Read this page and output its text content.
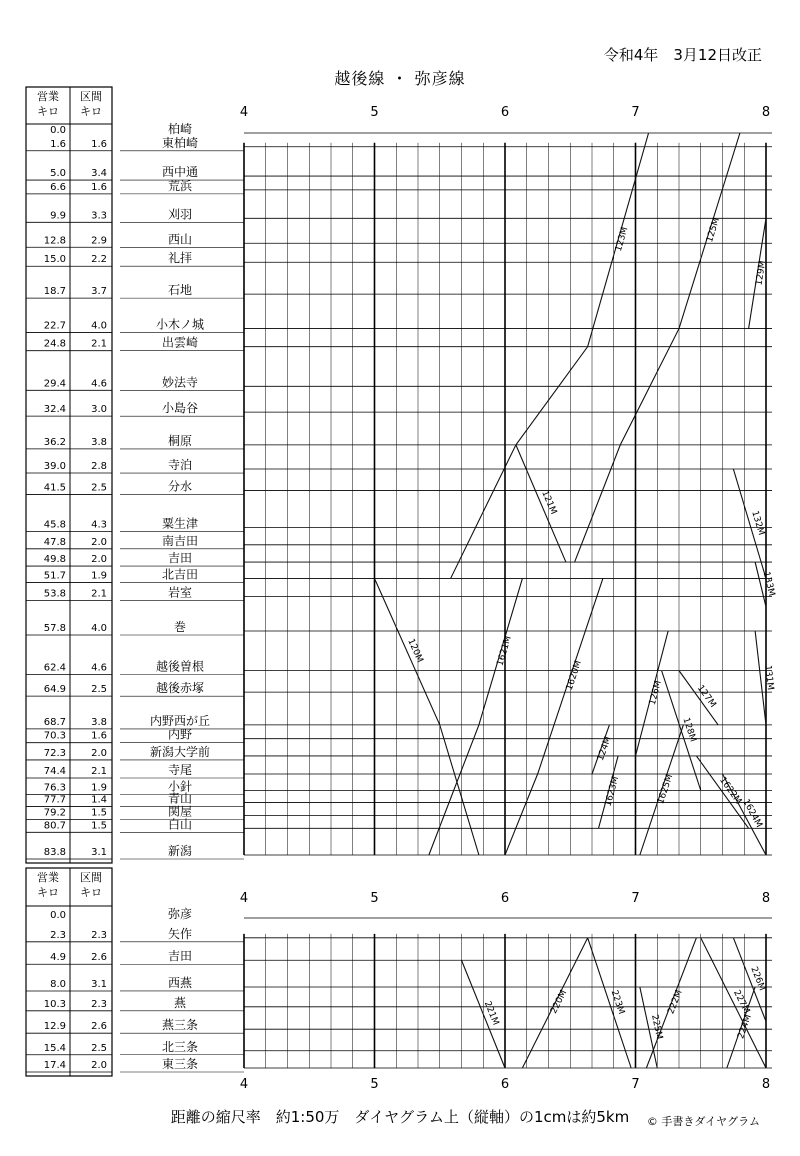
令和4年　3月12日改正
越後線 ・ 弥彦線
営業
キロ
区間
キロ	4	5	6	7	8
0.0	柏崎
1.6	1.6	東柏崎
5.0	3.4	西中通
6.6	1.6	荒浜
9.9	3.3	刈羽
12.8	2.9	西山
15.0	2.2	礼拝
18.7	3.7	石地
22.7	4.0	小木ノ城
24.8	2.1	出雲崎
29.4	4.6	妙法寺
32.4	3.0	小島谷
36.2	3.8	桐原
39.0	2.8	寺泊
41.5	2.5	分水
45.8	4.3	粟生津
47.8	2.0	南吉田
49.8	2.0	吉田
51.7	1.9	北吉田
53.8	2.1	岩室
57.8	4.0	巻
62.4	4.6	越後曽根
64.9	2.5	越後赤塚
68.7	3.8	内野西が丘
70.3	1.6	内野
72.3	2.0	新潟大学前
74.4	2.1	寺尾
76.3	1.9	小針
77.7	1.4	青山
79.2	1.5	関屋
80.7	1.5	白山
83.8	3.1	新潟
121M
123M	125M
129M
132M
133M
120M	1621M
1620M
124M
126M
128M
1623M	1625M
127M
131M
1622M
1624M
営業
キロ
区間
キロ	4
4
5
5
6
6
7
7
8
8
0.0	弥彦
2.3	2.3	矢作
4.9	2.6	吉田
8.0	3.1	西燕
10.3	2.3	燕
12.9	2.6	燕三条
15.4	2.5	北三条
17.4	2.0	東三条
221M	220M	223M
225M
222M
224M
227M
226M
距離の縮尺率　約1:50万　ダイヤグラム上（縦軸）の1cmは約5km	© 手書きダイヤグラム
